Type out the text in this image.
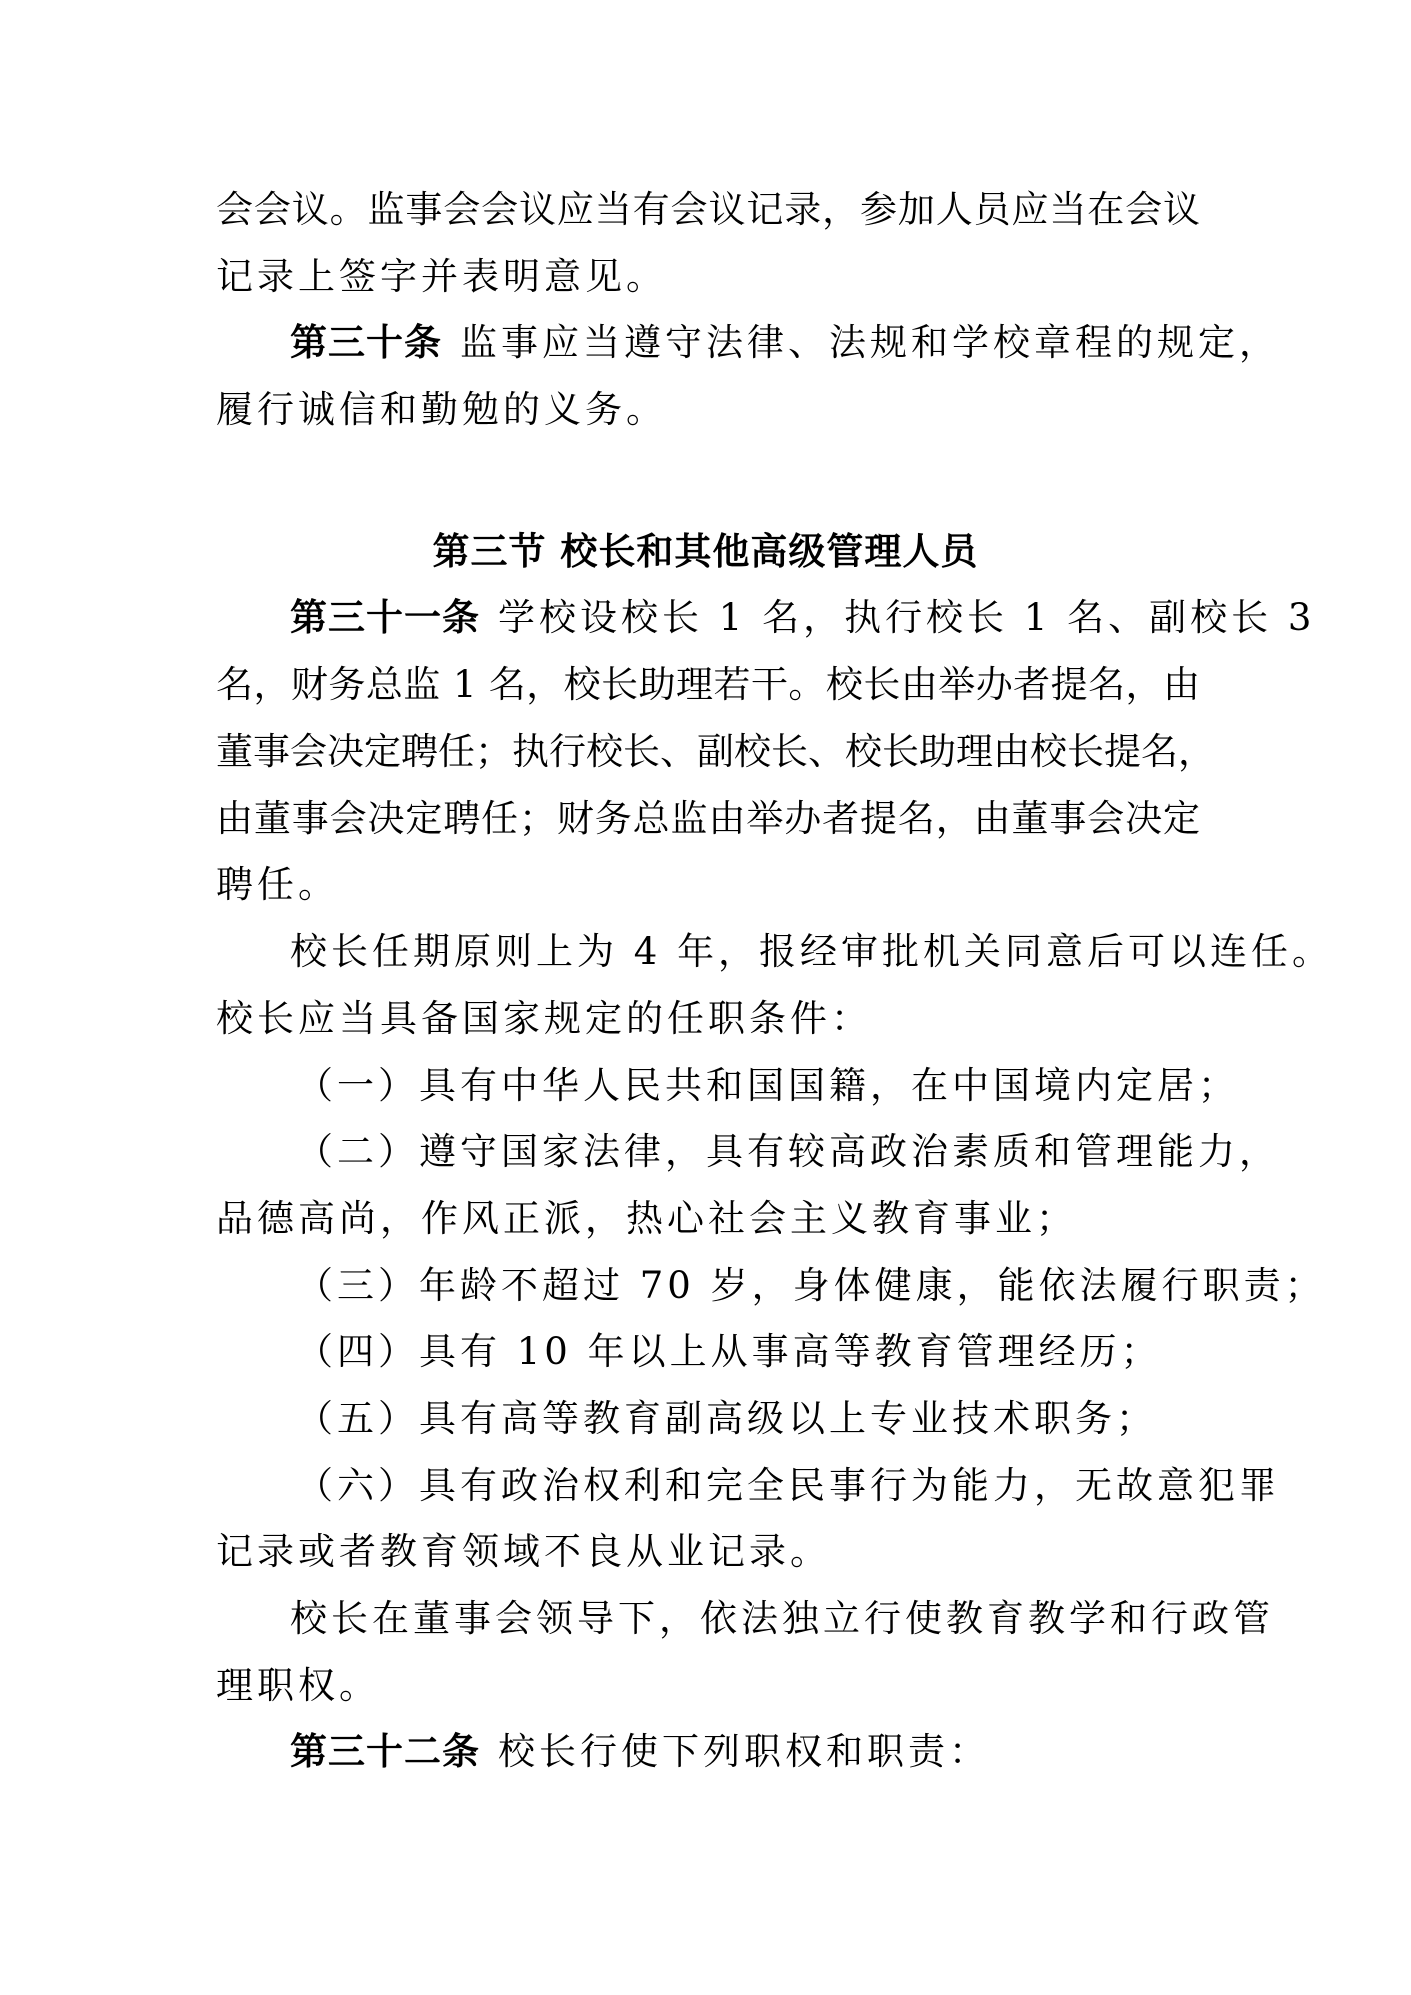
会会议。监事会会议应当有会议记录，参加人员应当在会议
记录上签字并表明意见。
第三十条 监事应当遵守法律、法规和学校章程的规定，
履行诚信和勤勉的义务。
第三节 校长和其他高级管理人员
第三十一条 学校设校长 1 名，执行校长 1 名、副校长 3
名，财务总监 1 名，校长助理若干。校长由举办者提名，由
董事会决定聘任；执行校长、副校长、校长助理由校长提名，
由董事会决定聘任；财务总监由举办者提名，由董事会决定
聘任。
校长任期原则上为 4 年，报经审批机关同意后可以连任。
校长应当具备国家规定的任职条件：
（一）具有中华人民共和国国籍，在中国境内定居；
（二）遵守国家法律，具有较高政治素质和管理能力，
品德高尚，作风正派，热心社会主义教育事业；
（三）年龄不超过 70 岁，身体健康，能依法履行职责；
（四）具有 10 年以上从事高等教育管理经历；
（五）具有高等教育副高级以上专业技术职务；
（六）具有政治权利和完全民事行为能力，无故意犯罪
记录或者教育领域不良从业记录。
校长在董事会领导下，依法独立行使教育教学和行政管
理职权。
第三十二条 校长行使下列职权和职责：
